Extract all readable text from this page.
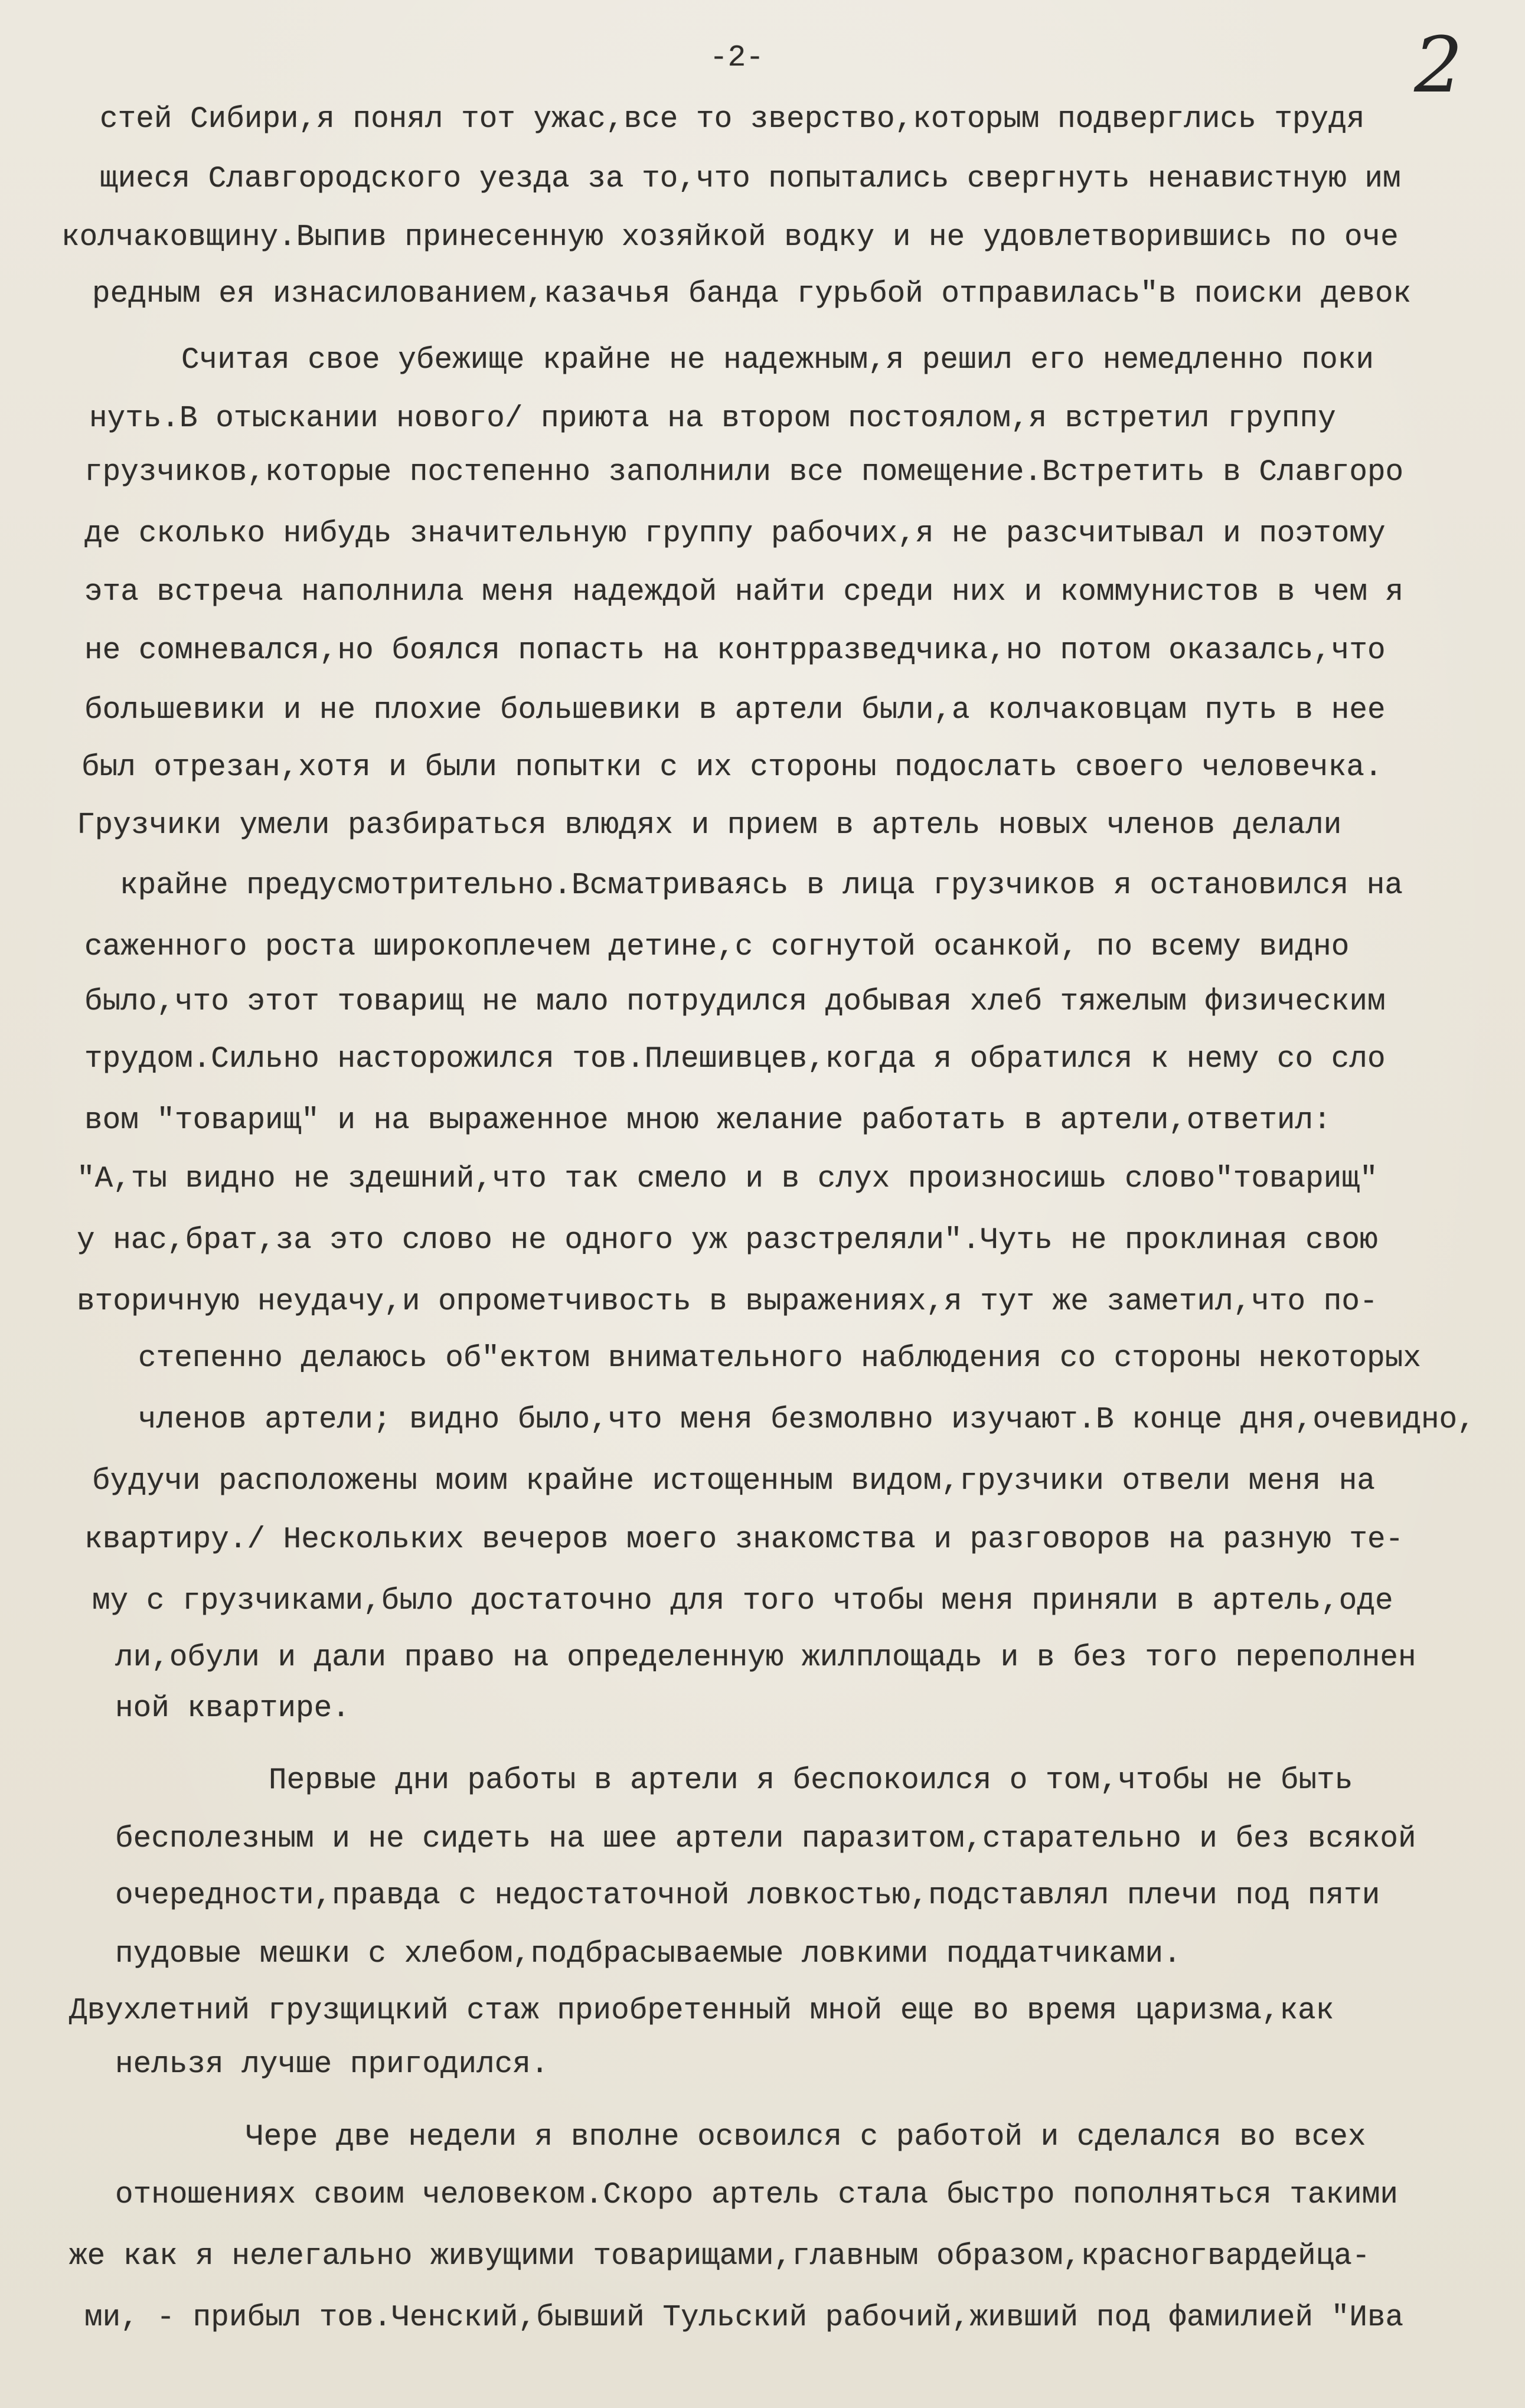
-2-	2
стей Сибири,я понял тот ужас,все то зверство,которым подверглись трудя
щиеся Славгородского уезда за то,что попытались свергнуть ненавистную им
колчаковщину.Выпив принесенную хозяйкой водку и не удовлетворившись по оче
редным ея изнасилованием,казачья банда гурьбой отправилась"в поиски девок
Считая свое убежище крайне не надежным,я решил его немедленно поки
нуть.В отыскании нового/ приюта на втором постоялом,я встретил группу
грузчиков,которые постепенно заполнили все помещение.Встретить в Славгоро
де сколько нибудь значительную группу рабочих,я не разсчитывал и поэтому
эта встреча наполнила меня надеждой найти среди них и коммунистов в чем я
не сомневался,но боялся попасть на контрразведчика,но потом оказалсь,что
большевики и не плохие большевики в артели были,а колчаковцам путь в нее
был отрезан,хотя и были попытки с их стороны подослать своего человечка.
Грузчики умели разбираться влюдях и прием в артель новых членов делали
крайне предусмотрительно.Всматриваясь в лица грузчиков я остановился на
саженного роста широкоплечем детине,с согнутой осанкой, по всему видно
было,что этот товарищ не мало потрудился добывая хлеб тяжелым физическим
трудом.Сильно насторожился тов.Плешивцев,когда я обратился к нему со сло
вом "товарищ" и на выраженное мною желание работать в артели,ответил:
"А,ты видно не здешний,что так смело и в слух произносишь слово"товарищ"
у нас,брат,за это слово не одного уж разстреляли".Чуть не проклиная свою
вторичную неудачу,и опрометчивость в выражениях,я тут же заметил,что по-
степенно делаюсь об"ектом внимательного наблюдения со стороны некоторых
членов артели; видно было,что меня безмолвно изучают.В конце дня,очевидно,
будучи расположены моим крайне истощенным видом,грузчики отвели меня на
квартиру./ Нескольких вечеров моего знакомства и разговоров на разную те-
му с грузчиками,было достаточно для того чтобы меня приняли в артель,оде
ли,обули и дали право на определенную жилплощадь и в без того переполнен
ной квартире.
Первые дни работы в артели я беспокоился о том,чтобы не быть
бесполезным и не сидеть на шее артели паразитом,старательно и без всякой
очередности,правда с недостаточной ловкостью,подставлял плечи под пяти
пудовые мешки с хлебом,подбрасываемые ловкими поддатчиками.
Двухлетний грузщицкий стаж приобретенный мной еще во время царизма,как
нельзя лучше пригодился.
Чере две недели я вполне освоился с работой и сделался во всех
отношениях своим человеком.Скоро артель стала быстро пополняться такими
же как я нелегально живущими товарищами,главным образом,красногвардейца-
ми, - прибыл тов.Ченский,бывший Тульский рабочий,живший под фамилией "Ива
